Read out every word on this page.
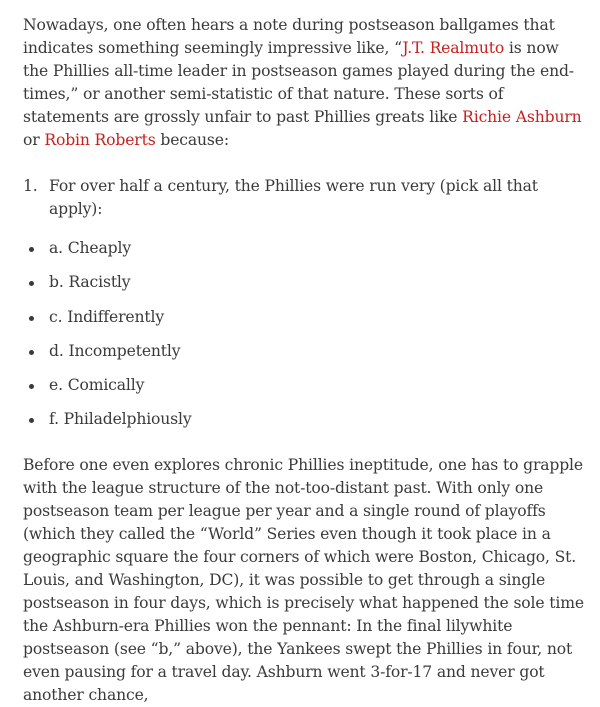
Nowadays, one often hears a note during postseason ballgames that indicates something seemingly impressive like, “J.T. Realmuto is now the Phillies all-time leader in postseason games played during the end-times,” or another semi-statistic of that nature. These sorts of statements are grossly unfair to past Phillies greats like Richie Ashburn or Robin Roberts because:

1. For over half a century, the Phillies were run very (pick all that apply):
a. Cheaply
b. Racistly
c. Indifferently
d. Incompetently
e. Comically
f. Philadelphiously

Before one even explores chronic Phillies ineptitude, one has to grapple with the league structure of the not-too-distant past. With only one postseason team per league per year and a single round of playoffs (which they called the “World” Series even though it took place in a geographic square the four corners of which were Boston, Chicago, St. Louis, and Washington, DC), it was possible to get through a single postseason in four days, which is precisely what happened the sole time the Ashburn-era Phillies won the pennant: In the final lilywhite postseason (see “b,” above), the Yankees swept the Phillies in four, not even pausing for a travel day. Ashburn went 3-for-17 and never got another chance,
